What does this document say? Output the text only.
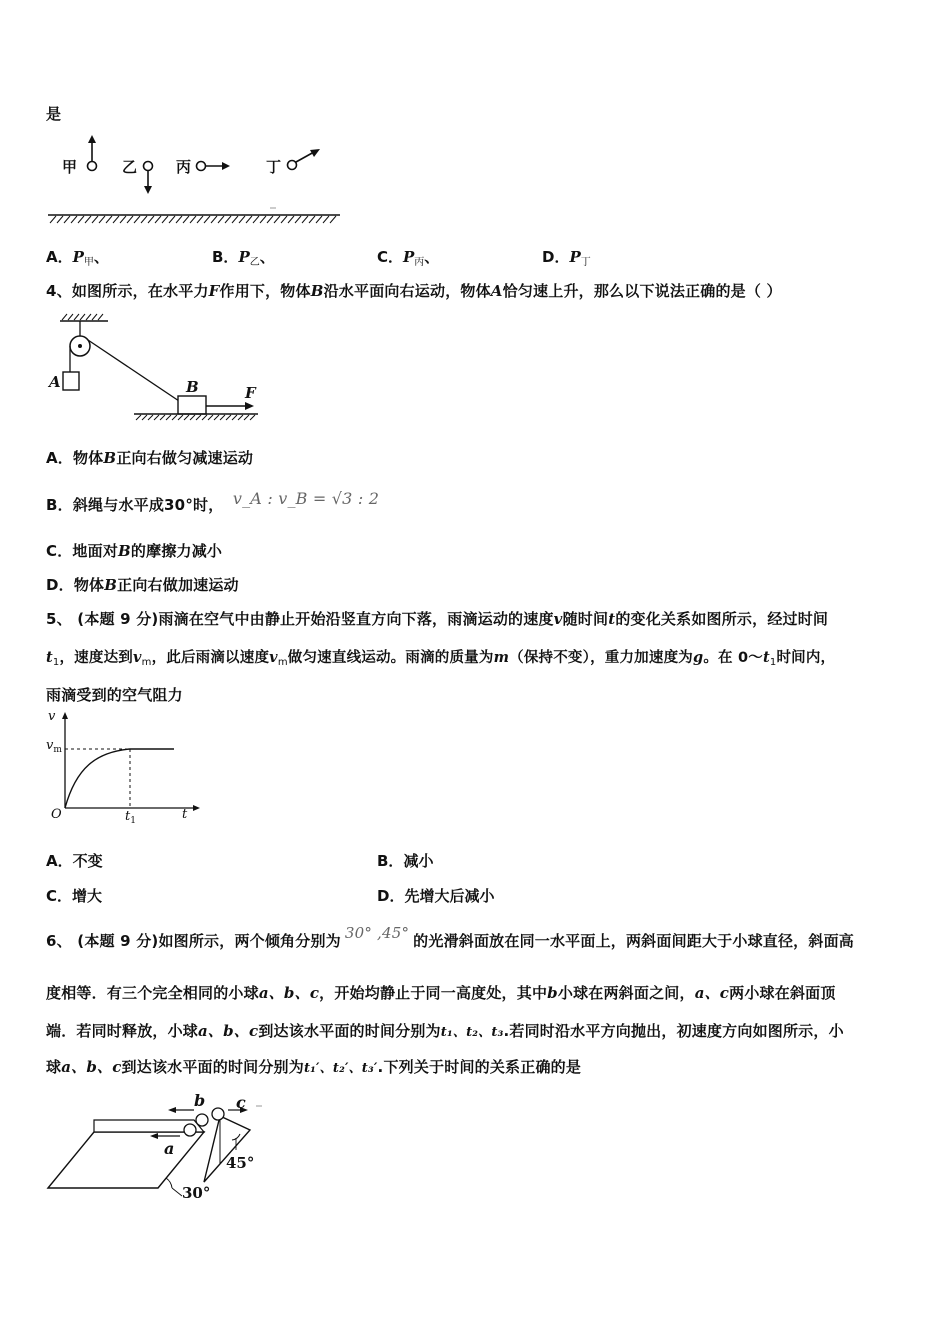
是
甲	乙	丙	丁
A．$P_甲$、	B．$P_乙$、	C．$P_丙$、	D．$P_丁$
4、如图所示，在水平力F作用下，物体B沿水平面向右运动，物体A恰匀速上升，那么以下说法正确的是（ ）
A	B	F
A．物体B正向右做匀减速运动
B．斜绳与水平成30°时， v_A : v_B = √3 : 2
C．地面对B的摩擦力减小
D．物体B正向右做加速运动
5、 (本题 9 分)雨滴在空气中由静止开始沿竖直方向下落，雨滴运动的速度v随时间t的变化关系如图所示，经过时间
$t_1$，速度达到$v_m$，此后雨滴以速度$v_m$做匀速直线运动。雨滴的质量为m（保持不变），重力加速度为g。在 $0\sim t_1$时间内，
雨滴受到的空气阻力
v
$v_m$
O	$t_1$	t
A．不变	B．减小
C．增大	D．先增大后减小
6、 (本题 9 分)如图所示，两个倾角分别为 30° ,45° 的光滑斜面放在同一水平面上，两斜面间距大于小球直径，斜面高
度相等．有三个完全相同的小球a、b、c，开始均静止于同一高度处，其中b小球在两斜面之间，a、c两小球在斜面顶
端．若同时释放，小球a、b、c到达该水平面的时间分别为t₁、t₂、t₃.若同时沿水平方向抛出，初速度方向如图所示，小
球a、b、c到达该水平面的时间分别为t₁′、t₂′、t₃′.下列关于时间的关系正确的是
a
b c
30°
45°
